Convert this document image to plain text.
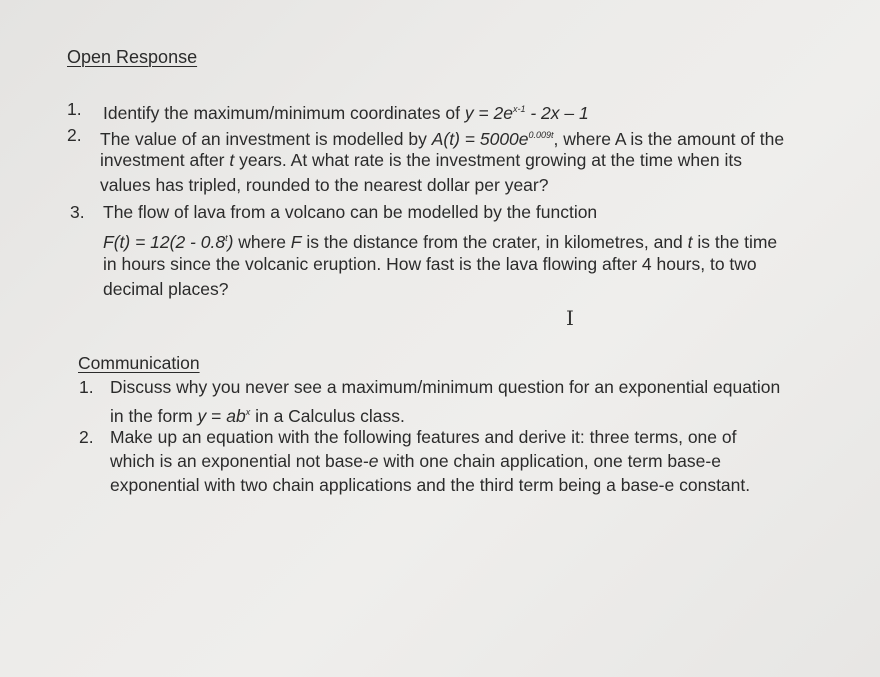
Open Response
1. Identify the maximum/minimum coordinates of $y = 2e^{x-1} - 2x - 1$
2. The value of an investment is modelled by $A(t) = 5000e^{0.009t}$, where A is the amount of the
investment after t years. At what rate is the investment growing at the time when its
values has tripled, rounded to the nearest dollar per year?
3. The flow of lava from a volcano can be modelled by the function
F(t) = 12(2 - 0.8$^t$) where F is the distance from the crater, in kilometres, and t is the time
in hours since the volcanic eruption. How fast is the lava flowing after 4 hours, to two
decimal places?
I
Communication
1. Discuss why you never see a maximum/minimum question for an exponential equation
in the form $y = ab^x$ in a Calculus class.
2. Make up an equation with the following features and derive it: three terms, one of
which is an exponential not base-e with one chain application, one term base-e
exponential with two chain applications and the third term being a base-e constant.
